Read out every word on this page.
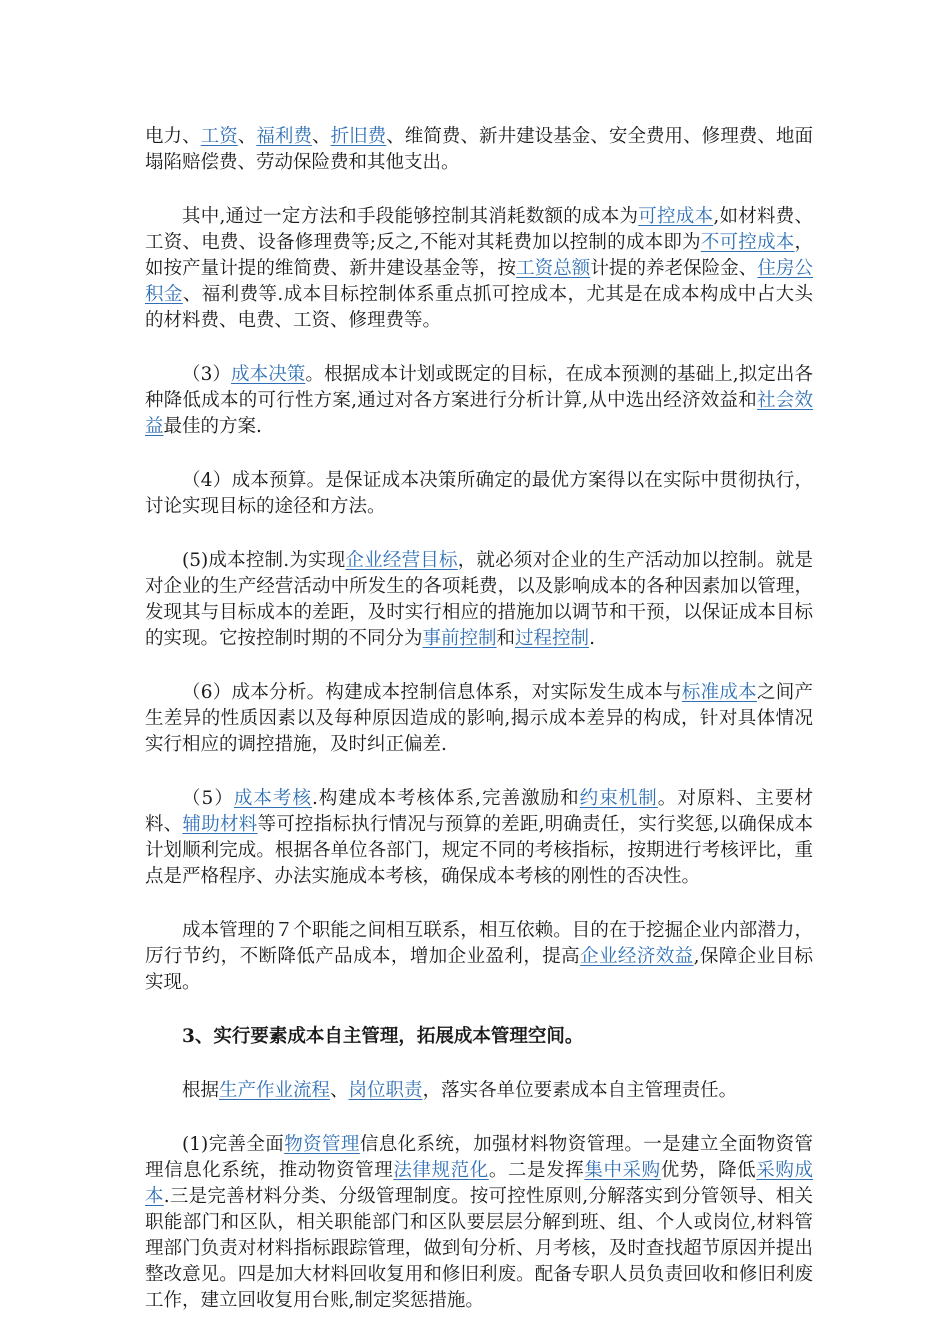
电力、工资、福利费、折旧费、维简费、新井建设基金、安全费用、修理费、地面塌陷赔偿费、劳动保险费和其他支出。

其中,通过一定方法和手段能够控制其消耗数额的成本为可控成本,如材料费、工资、电费、设备修理费等;反之,不能对其耗费加以控制的成本即为不可控成本，如按产量计提的维简费、新井建设基金等，按工资总额计提的养老保险金、住房公积金、福利费等.成本目标控制体系重点抓可控成本，尤其是在成本构成中占大头的材料费、电费、工资、修理费等。

（3）成本决策。根据成本计划或既定的目标，在成本预测的基础上,拟定出各种降低成本的可行性方案,通过对各方案进行分析计算,从中选出经济效益和社会效益最佳的方案.

（4）成本预算。是保证成本决策所确定的最优方案得以在实际中贯彻执行，讨论实现目标的途径和方法。

(5)成本控制.为实现企业经营目标，就必须对企业的生产活动加以控制。就是对企业的生产经营活动中所发生的各项耗费，以及影响成本的各种因素加以管理，发现其与目标成本的差距，及时实行相应的措施加以调节和干预，以保证成本目标的实现。它按控制时期的不同分为事前控制和过程控制.

（6）成本分析。构建成本控制信息体系，对实际发生成本与标准成本之间产生差异的性质因素以及每种原因造成的影响,揭示成本差异的构成，针对具体情况实行相应的调控措施，及时纠正偏差.

（5）成本考核.构建成本考核体系,完善激励和约束机制。对原料、主要材料、辅助材料等可控指标执行情况与预算的差距,明确责任，实行奖惩,以确保成本计划顺利完成。根据各单位各部门，规定不同的考核指标，按期进行考核评比，重点是严格程序、办法实施成本考核，确保成本考核的刚性的否决性。

成本管理的７个职能之间相互联系，相互依赖。目的在于挖掘企业内部潜力，厉行节约，不断降低产品成本，增加企业盈利，提高企业经济效益,保障企业目标实现。

3、实行要素成本自主管理，拓展成本管理空间。

根据生产作业流程、岗位职责，落实各单位要素成本自主管理责任。

(1)完善全面物资管理信息化系统，加强材料物资管理。一是建立全面物资管理信息化系统，推动物资管理法律规范化。二是发挥集中采购优势，降低采购成本.三是完善材料分类、分级管理制度。按可控性原则,分解落实到分管领导、相关职能部门和区队，相关职能部门和区队要层层分解到班、组、个人或岗位,材料管理部门负责对材料指标跟踪管理，做到旬分析、月考核，及时查找超节原因并提出整改意见。四是加大材料回收复用和修旧利废。配备专职人员负责回收和修旧利废工作，建立回收复用台账,制定奖惩措施。
